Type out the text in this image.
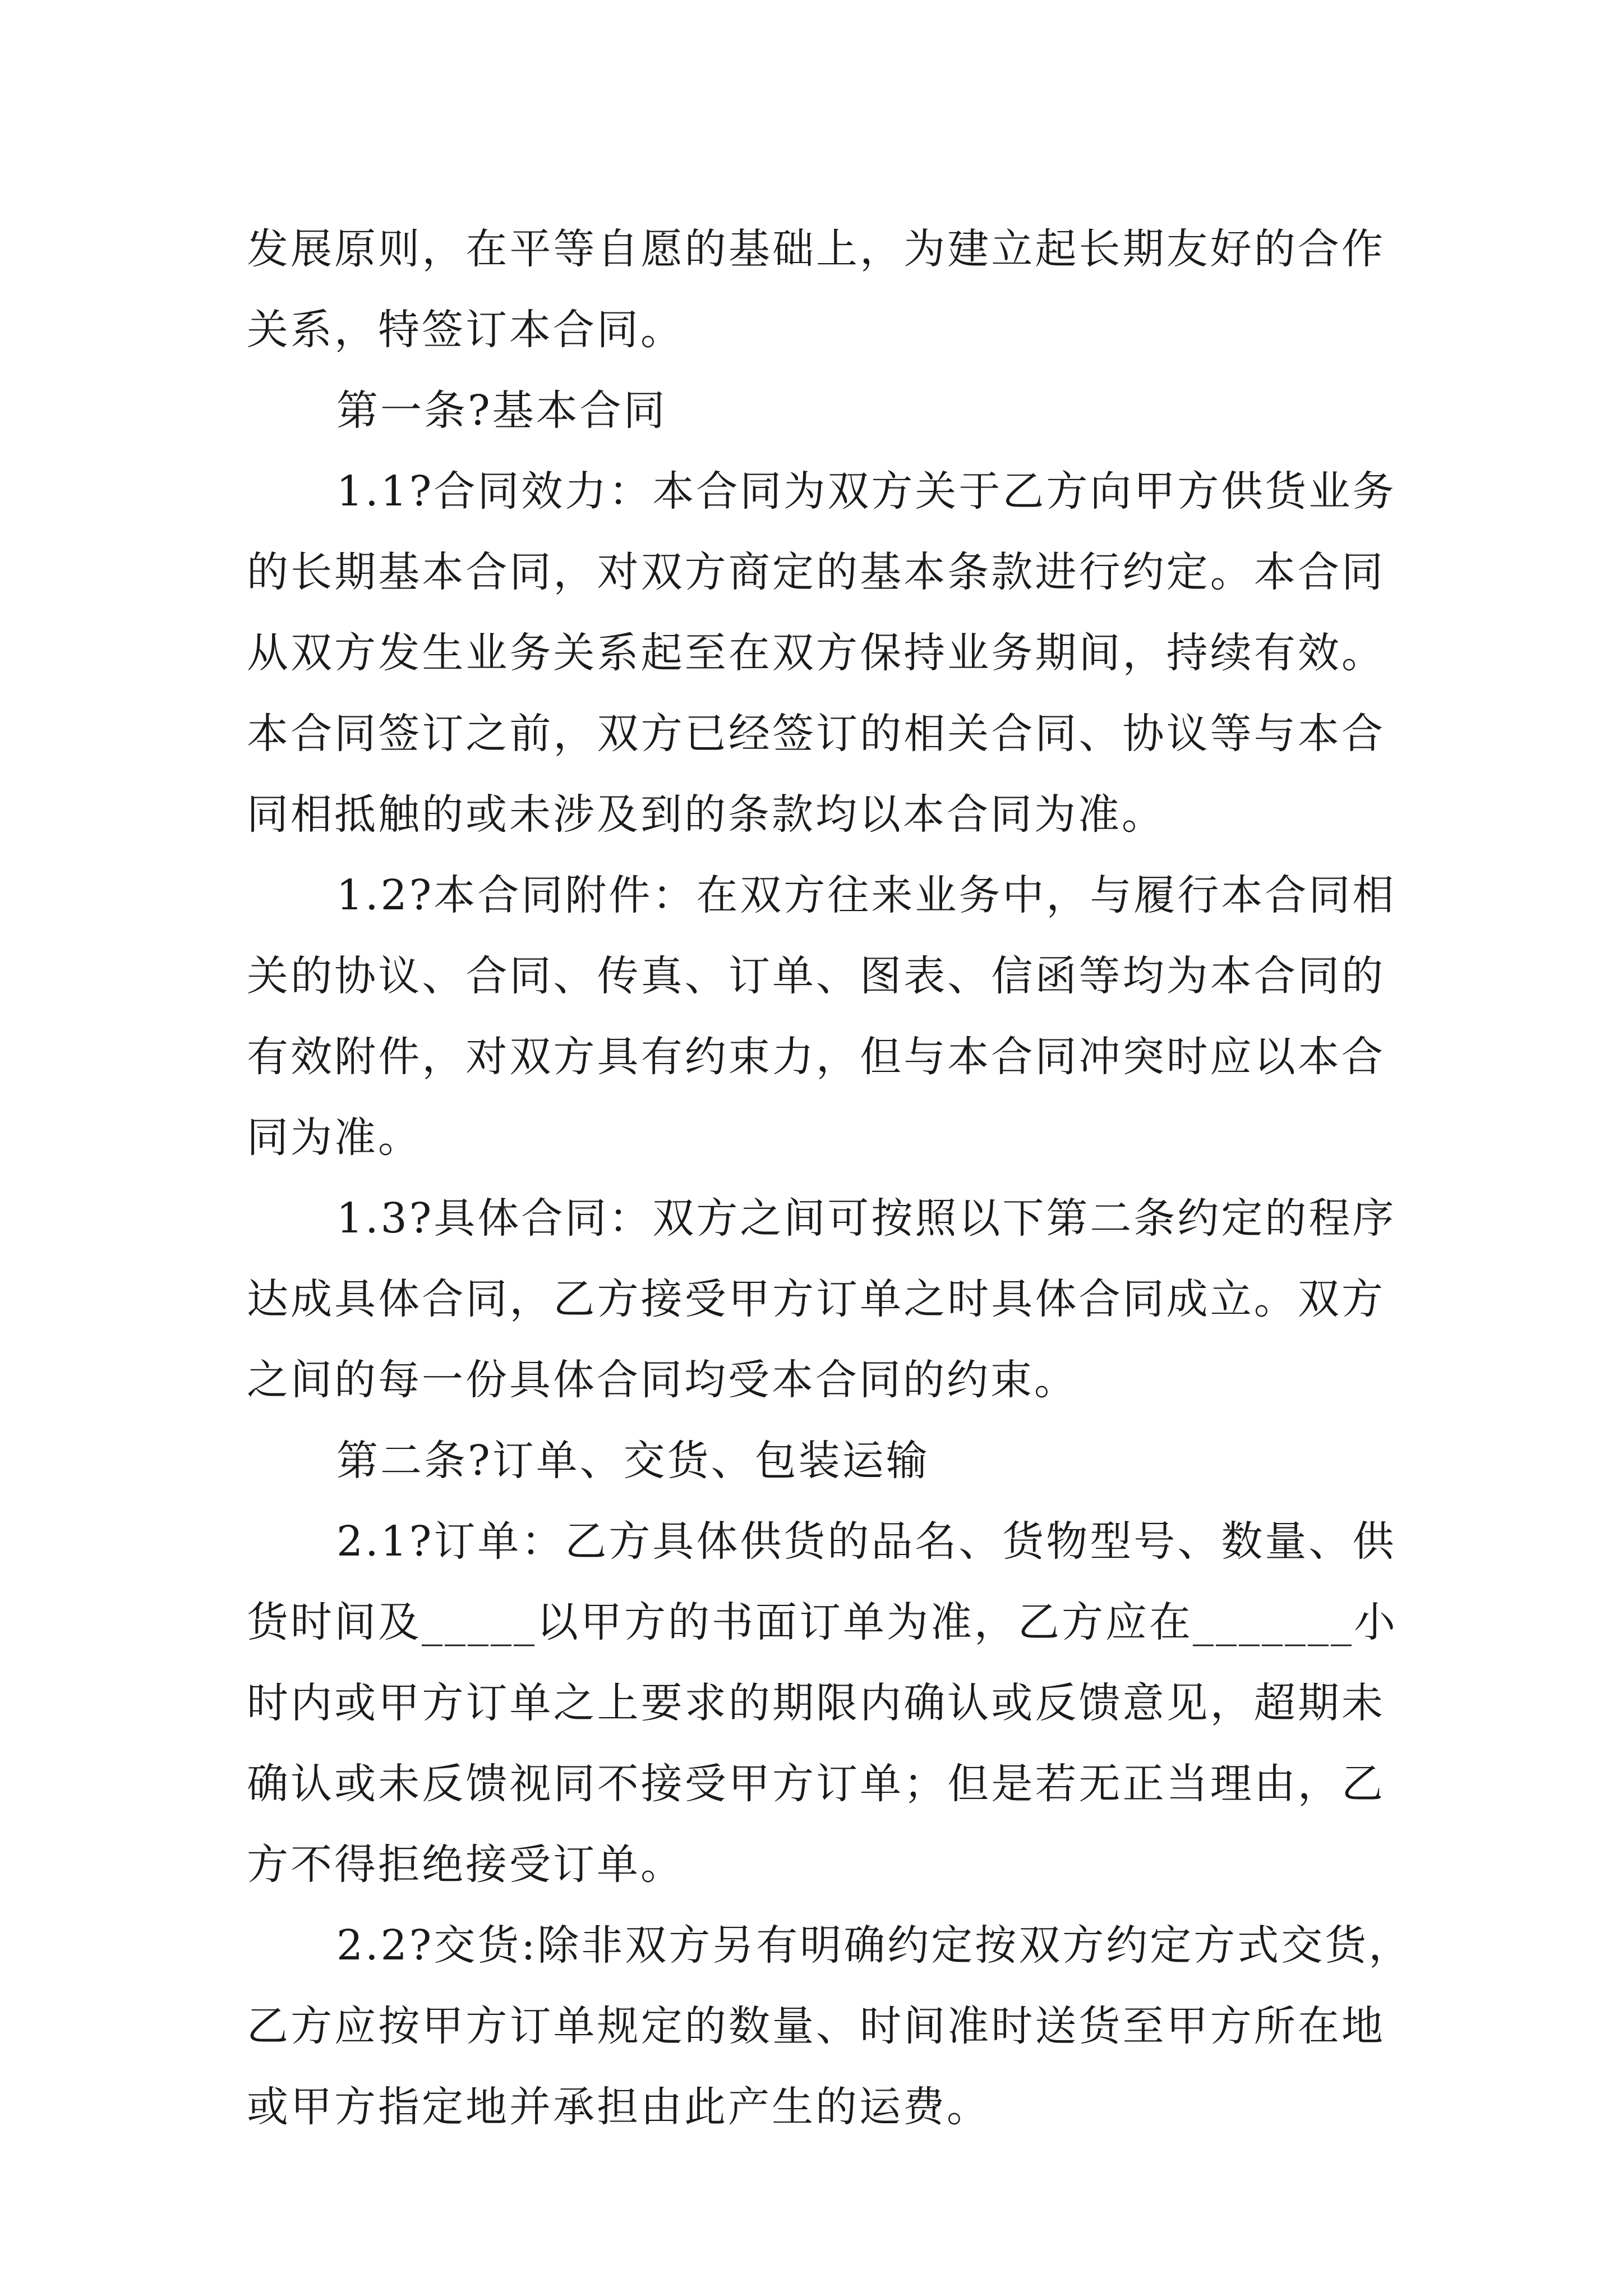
发展原则，在平等自愿的基础上，为建立起长期友好的合作
关系，特签订本合同。
第一条?基本合同
1.1?合同效力：本合同为双方关于乙方向甲方供货业务
的长期基本合同，对双方商定的基本条款进行约定。本合同
从双方发生业务关系起至在双方保持业务期间，持续有效。
本合同签订之前，双方已经签订的相关合同、协议等与本合
同相抵触的或未涉及到的条款均以本合同为准。
1.2?本合同附件：在双方往来业务中，与履行本合同相
关的协议、合同、传真、订单、图表、信函等均为本合同的
有效附件，对双方具有约束力，但与本合同冲突时应以本合
同为准。
1.3?具体合同：双方之间可按照以下第二条约定的程序
达成具体合同，乙方接受甲方订单之时具体合同成立。双方
之间的每一份具体合同均受本合同的约束。
第二条?订单、交货、包装运输
2.1?订单：乙方具体供货的品名、货物型号、数量、供
货时间及_____以甲方的书面订单为准，乙方应在_______小
时内或甲方订单之上要求的期限内确认或反馈意见，超期未
确认或未反馈视同不接受甲方订单；但是若无正当理由，乙
方不得拒绝接受订单。
2.2?交货:除非双方另有明确约定按双方约定方式交货，
乙方应按甲方订单规定的数量、时间准时送货至甲方所在地
或甲方指定地并承担由此产生的运费。
